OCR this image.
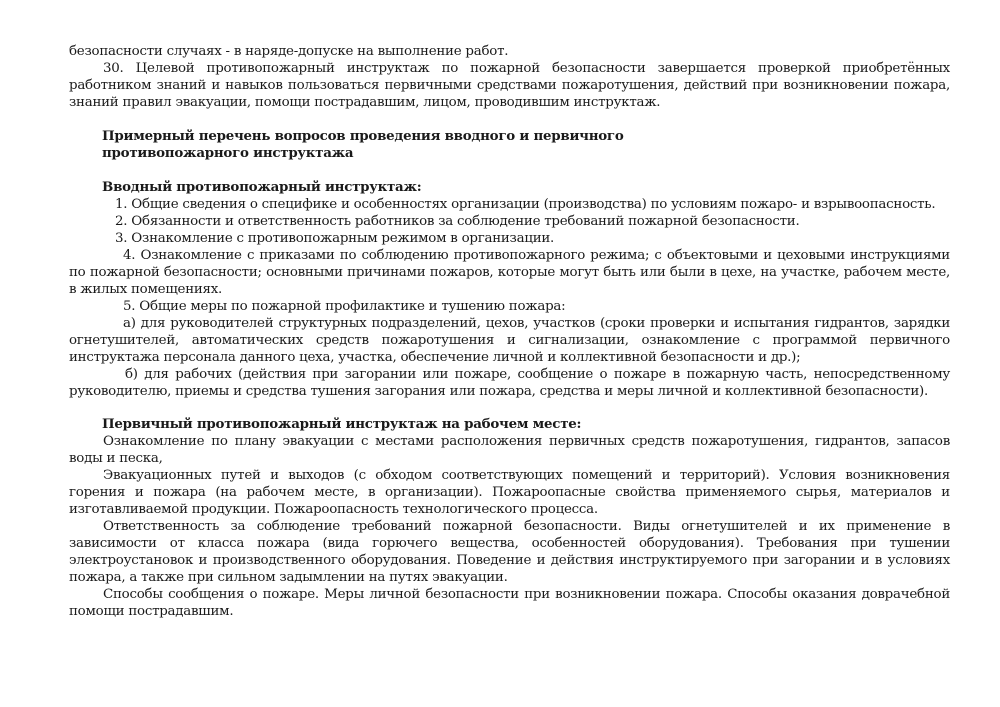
безопасности случаях - в наряде-допуске на выполнение работ.

30. Целевой противопожарный инструктаж по пожарной безопасности завершается проверкой приобретённых работником знаний и навыков пользоваться первичными средствами пожаротушения, действий при возникновении пожара, знаний правил эвакуации, помощи пострадавшим, лицом, проводившим инструктаж.

Примерный перечень вопросов проведения вводного и первичного

противопожарного инструктажа

Вводный противопожарный инструктаж:

1. Общие сведения о специфике и особенностях организации (производства) по условиям пожаро- и взрывоопасность.

2. Обязанности и ответственность работников за соблюдение требований пожарной безопасности.

3. Ознакомление с противопожарным режимом в организации.

4. Ознакомление с приказами по соблюдению противопожарного режима; с объектовыми и цеховыми инструкциями по пожарной безопасности; основными причинами пожаров, которые могут быть или были в цехе, на участке, рабочем месте, в жилых помещениях.

5. Общие меры по пожарной профилактике и тушению пожара:

а) для руководителей структурных подразделений, цехов, участков (сроки проверки и испытания гидрантов, зарядки огнетушителей, автоматических средств пожаротушения и сигнализации, ознакомление с программой первичного инструктажа персонала данного цеха, участка, обеспечение личной и коллективной безопасности и др.);

б) для рабочих (действия при загорании или пожаре, сообщение о пожаре в пожарную часть, непосредственному руководителю, приемы и средства тушения загорания или пожара, средства и меры личной и коллективной безопасности).

Первичный противопожарный инструктаж на рабочем месте:

Ознакомление по плану эвакуации с местами расположения первичных средств пожаротушения, гидрантов, запасов воды и песка,

Эвакуационных путей и выходов (с обходом соответствующих помещений и территорий). Условия возникновения горения и пожара (на рабочем месте, в организации). Пожароопасные свойства применяемого сырья, материалов и изготавливаемой продукции. Пожароопасность технологического процесса.

Ответственность за соблюдение требований пожарной безопасности. Виды огнетушителей и их применение в зависимости от класса пожара (вида горючего вещества, особенностей оборудования). Требования при тушении электроустановок и производственного оборудования. Поведение и действия инструктируемого при загорании и в условиях пожара, а также при сильном задымлении на путях эвакуации.

Способы сообщения о пожаре. Меры личной безопасности при возникновении пожара. Способы оказания доврачебной помощи пострадавшим.
